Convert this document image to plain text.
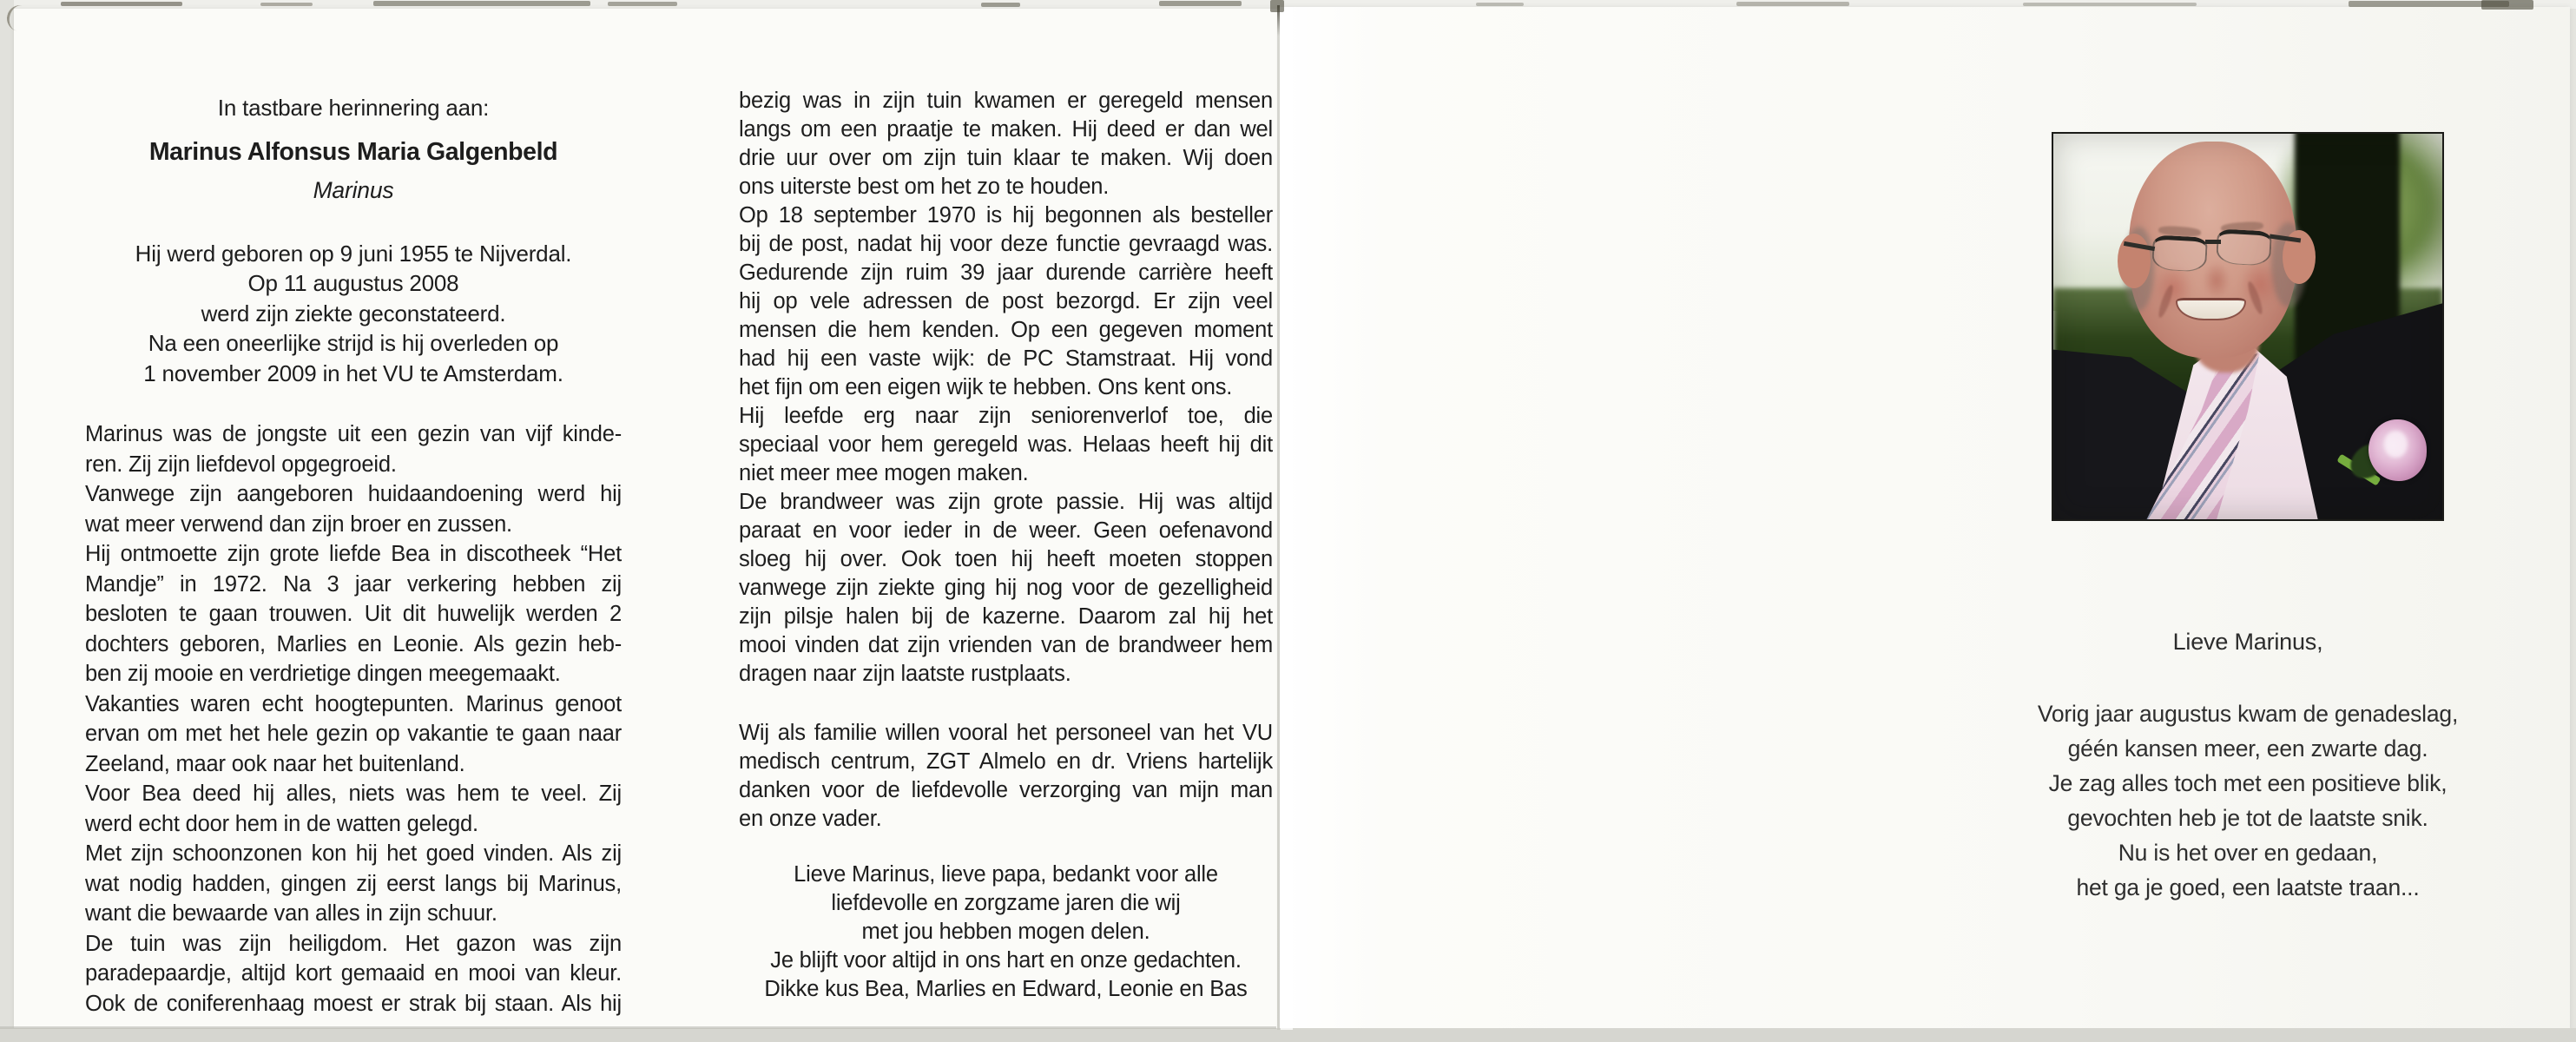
In tastbare herinnering aan:
Marinus Alfonsus Maria Galgenbeld
Marinus
Hij werd geboren op 9 juni 1955 te Nijverdal.
Op 11 augustus 2008
werd zijn ziekte geconstateerd.
Na een oneerlijke strijd is hij overleden op
1 november 2009 in het VU te Amsterdam.
Marinus was de jongste uit een gezin van vijf kinde-
ren. Zij zijn liefdevol opgegroeid.
Vanwege zijn aangeboren huidaandoening werd hij
wat meer verwend dan zijn broer en zussen.
Hij ontmoette zijn grote liefde Bea in discotheek “Het
Mandje” in 1972. Na 3 jaar verkering hebben zij
besloten te gaan trouwen. Uit dit huwelijk werden 2
dochters geboren, Marlies en Leonie. Als gezin heb-
ben zij mooie en verdrietige dingen meegemaakt.
Vakanties waren echt hoogtepunten. Marinus genoot
ervan om met het hele gezin op vakantie te gaan naar
Zeeland, maar ook naar het buitenland.
Voor Bea deed hij alles, niets was hem te veel. Zij
werd echt door hem in de watten gelegd.
Met zijn schoonzonen kon hij het goed vinden. Als zij
wat nodig hadden, gingen zij eerst langs bij Marinus,
want die bewaarde van alles in zijn schuur.
De tuin was zijn heiligdom. Het gazon was zijn
paradepaardje, altijd kort gemaaid en mooi van kleur.
Ook de coniferenhaag moest er strak bij staan. Als hij
bezig was in zijn tuin kwamen er geregeld mensen
langs om een praatje te maken. Hij deed er dan wel
drie uur over om zijn tuin klaar te maken. Wij doen
ons uiterste best om het zo te houden.
Op 18 september 1970 is hij begonnen als besteller
bij de post, nadat hij voor deze functie gevraagd was.
Gedurende zijn ruim 39 jaar durende carrière heeft
hij op vele adressen de post bezorgd. Er zijn veel
mensen die hem kenden. Op een gegeven moment
had hij een vaste wijk: de PC Stamstraat. Hij vond
het fijn om een eigen wijk te hebben. Ons kent ons.
Hij leefde erg naar zijn seniorenverlof toe, die
speciaal voor hem geregeld was. Helaas heeft hij dit
niet meer mee mogen maken.
De brandweer was zijn grote passie. Hij was altijd
paraat en voor ieder in de weer. Geen oefenavond
sloeg hij over. Ook toen hij heeft moeten stoppen
vanwege zijn ziekte ging hij nog voor de gezelligheid
zijn pilsje halen bij de kazerne. Daarom zal hij het
mooi vinden dat zijn vrienden van de brandweer hem
dragen naar zijn laatste rustplaats.
Wij als familie willen vooral het personeel van het VU
medisch centrum, ZGT Almelo en dr. Vriens hartelijk
danken voor de liefdevolle verzorging van mijn man
en onze vader.
Lieve Marinus, lieve papa, bedankt voor alle
liefdevolle en zorgzame jaren die wij
met jou hebben mogen delen.
Je blijft voor altijd in ons hart en onze gedachten.
Dikke kus Bea, Marlies en Edward, Leonie en Bas
Lieve Marinus,
Vorig jaar augustus kwam de genadeslag,
géén kansen meer, een zwarte dag.
Je zag alles toch met een positieve blik,
gevochten heb je tot de laatste snik.
Nu is het over en gedaan,
het ga je goed, een laatste traan...
